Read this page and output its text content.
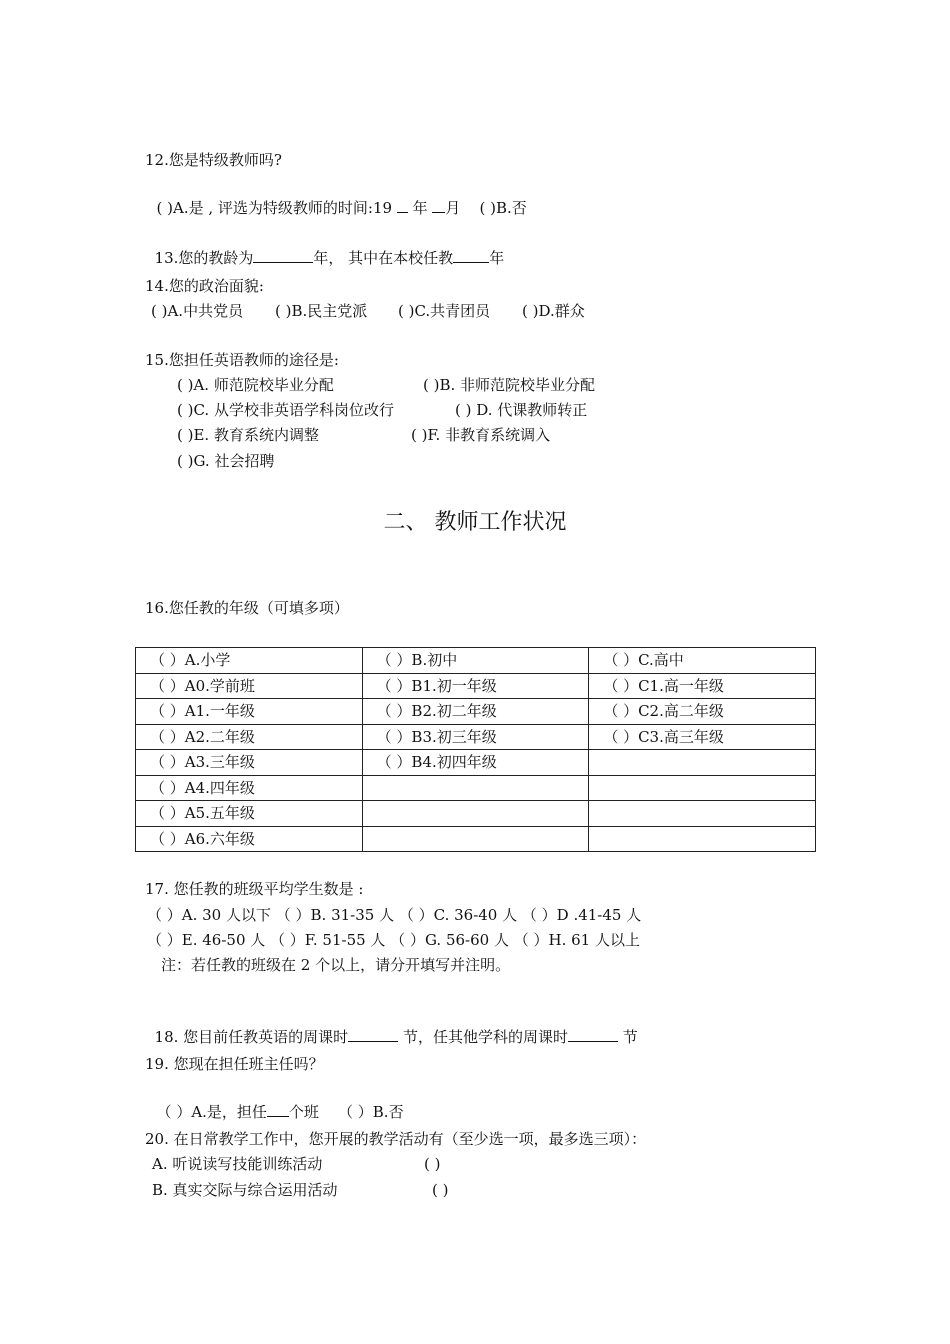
12.您是特级教师吗?

( )A.是 , 评选为特级教师的时间:19  年 月 ( )B.否

13.您的教龄为	年， 其中在本校任教 年

14.您的政治面貌:
( )A.中共党员 ( )B.民主党派 ( )C.共青团员 ( )D.群众
15.您担任英语教师的途径是:
( )A. 师范院校毕业分配	( )B. 非师范院校毕业分配
( )C. 从学校非英语学科岗位改行	( ) D. 代课教师转正
( )E. 教育系统内调整	( )F. 非教育系统调入
( )G. 社会招聘
二、 教师工作状况
16.您任教的年级（可填多项）
（ ）A.小学	（ ）B.初中	（ ）C.高中
（ ）A0.学前班	（ ）B1.初一年级	（ ）C1.高一年级
（ ）A1.一年级	（ ）B2.初二年级	（ ）C2.高二年级
（ ）A2.二年级	（ ）B3.初三年级	（ ）C3.高三年级
（ ）A3.三年级	（ ）B4.初四年级	
（ ）A4.四年级		
（ ）A5.五年级		
（ ）A6.六年级		
17. 您任教的班级平均学生数是 :
（ ）A. 30 人以下 （ ）B. 31-35 人 （ ）C. 36-40 人 （ ）D .41-45 人
（ ）E. 46-50 人 （ ）F. 51-55 人 （ ）G. 56-60 人 （ ）H. 61 人以上
注：若任教的班级在 2 个以上，请分开填写并注明。

18. 您目前任教英语的周课时	节，任其他学科的周课时	节

19. 您现在担任班主任吗？

（ ）A.是，担任 个班 （ ）B.否

20. 在日常教学工作中，您开展的教学活动有（至少选一项，最多选三项）：
A. 听说读写技能训练活动	( )
B. 真实交际与综合运用活动	( )
